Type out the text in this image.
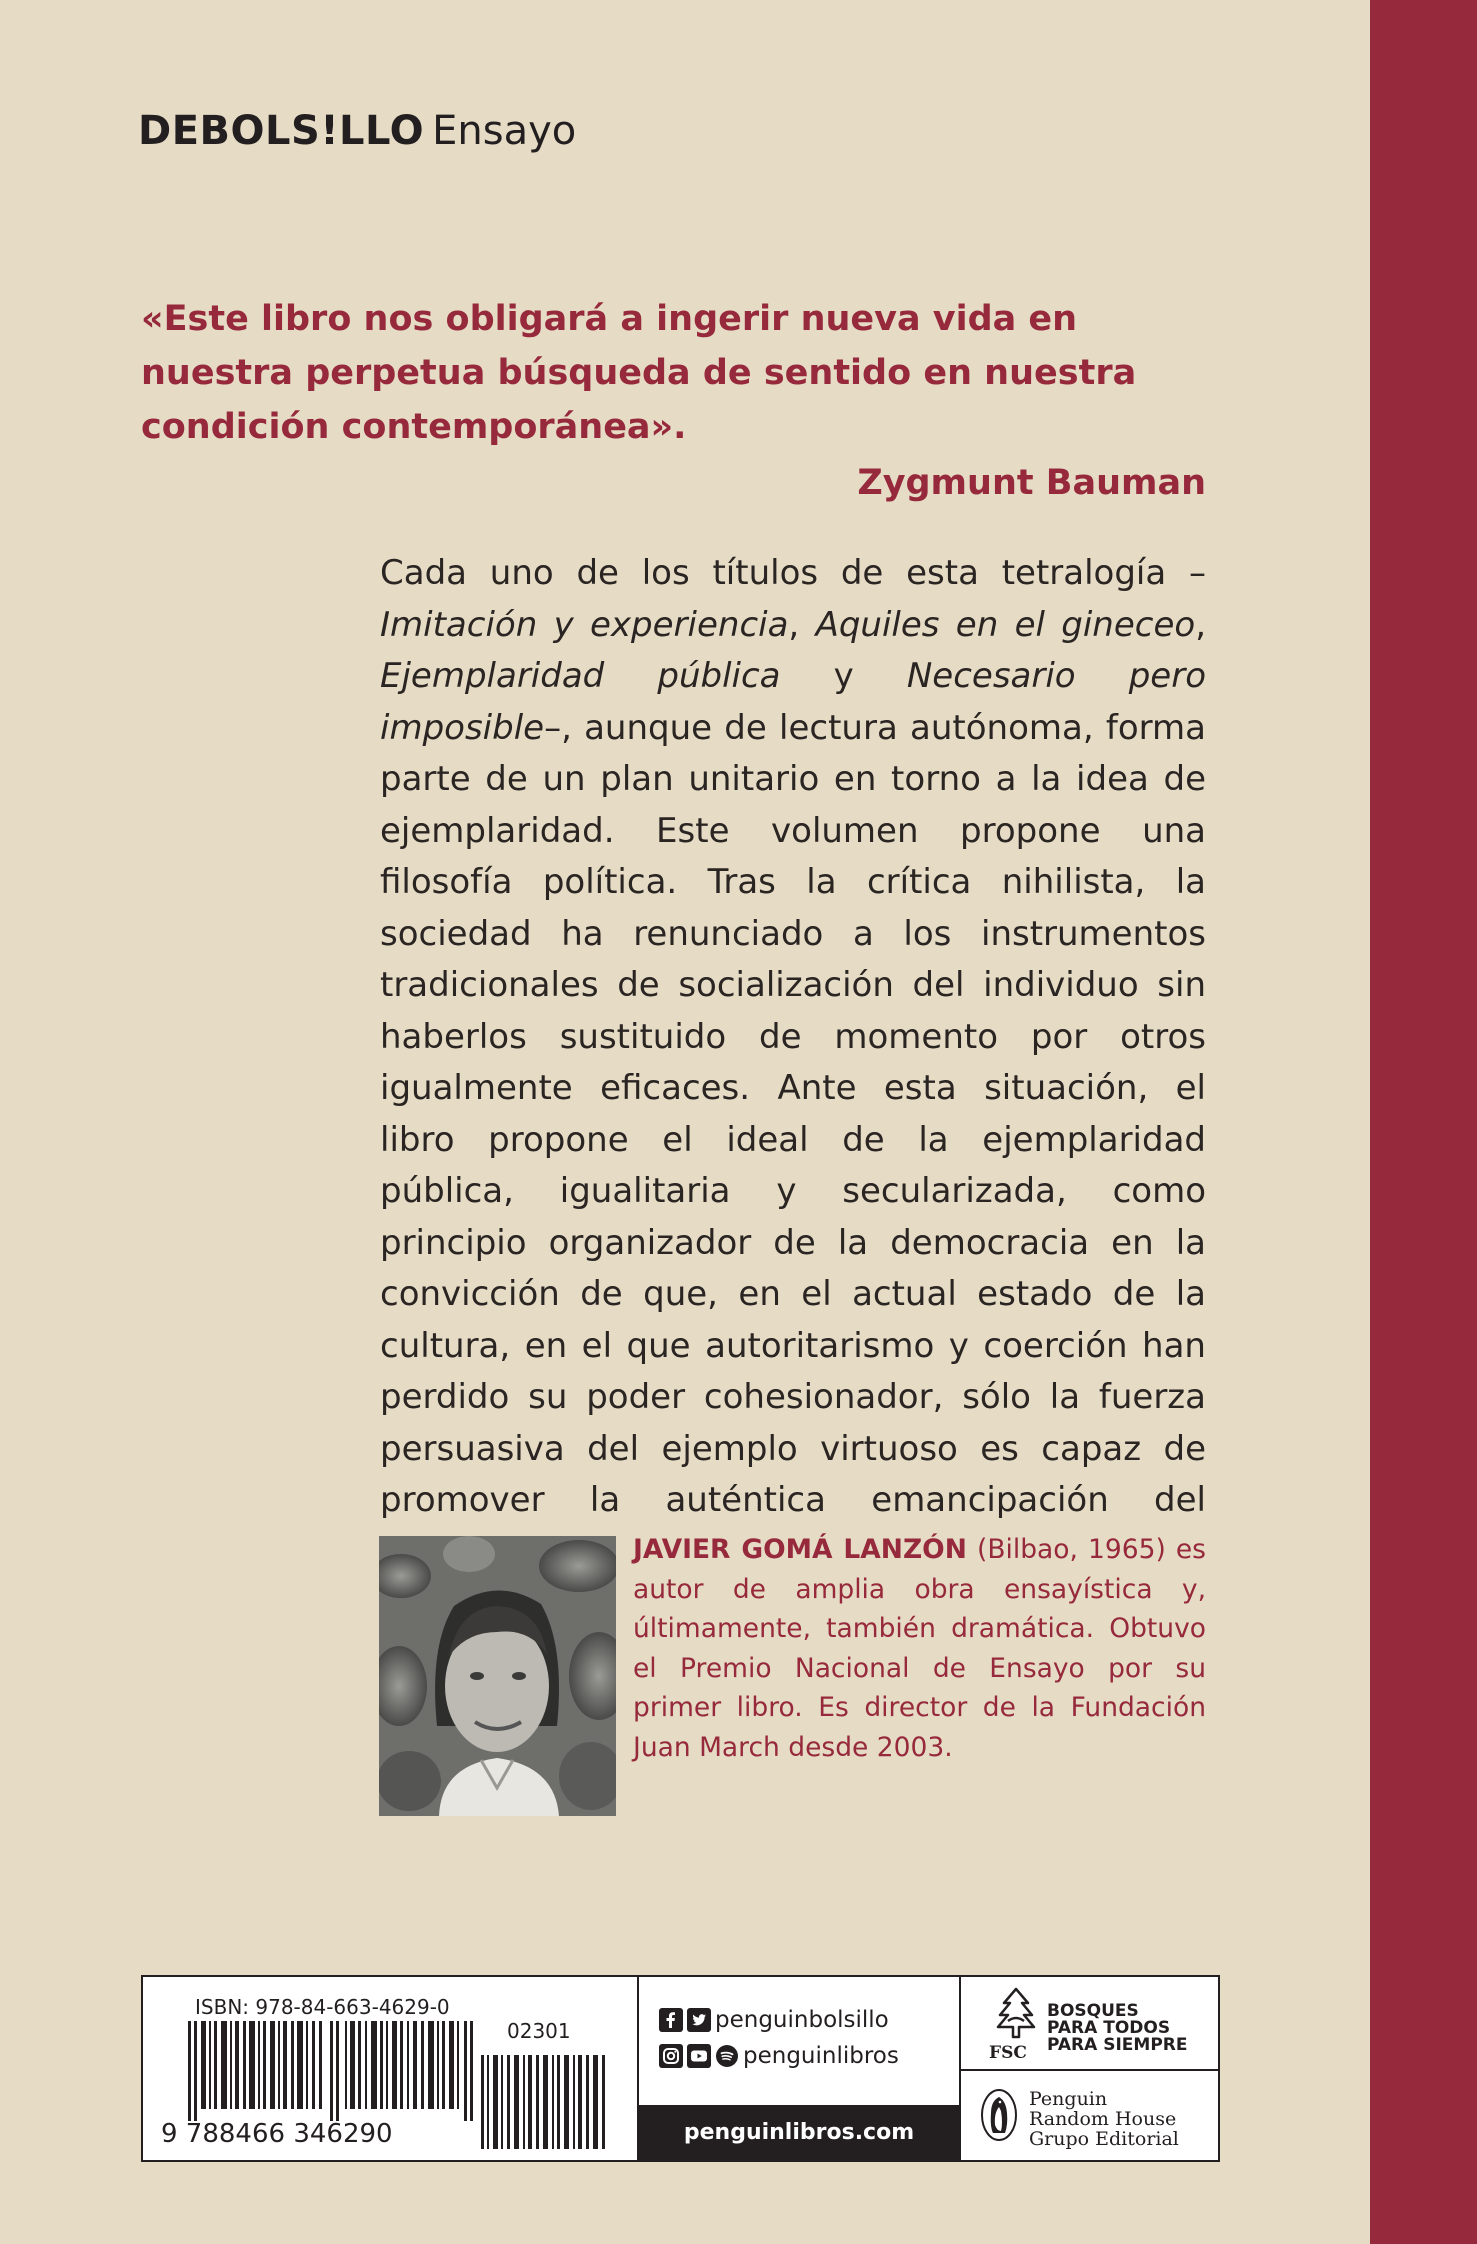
DEBOLS!LLO Ensayo
«Este libro nos obligará a ingerir nueva vida en nuestra perpetua búsqueda de sentido en nuestra condición contemporánea».
Zygmunt Bauman
Cada uno de los títulos de esta tetralogía –Imitación y experiencia, Aquiles en el gineceo, Ejemplaridad pública y Necesario pero imposible–, aunque de lectura autónoma, forma parte de un plan unitario en torno a la idea de ejemplaridad. Este volumen propone una filosofía política. Tras la crítica nihilista, la sociedad ha renunciado a los instrumentos tradicionales de socialización del individuo sin haberlos sustituido de momento por otros igualmente eficaces. Ante esta situación, el libro propone el ideal de la ejemplaridad pública, igualitaria y secularizada, como principio organizador de la democracia en la convicción de que, en el actual estado de la cultura, en el que autoritarismo y coerción han perdido su poder cohesionador, sólo la fuerza persuasiva del ejemplo virtuoso es capaz de promover la auténtica emancipación del
JAVIER GOMÁ LANZÓN (Bilbao, 1965) es autor de amplia obra ensayística y, últimamente, también dramática. Obtuvo el Premio Nacional de Ensayo por su primer libro. Es director de la Fundación Juan March desde 2003.
ISBN: 978-84-663-4629-0
02301
9 788466 346290
penguinbolsillo
penguinlibros
penguinlibros.com
BOSQUES
PARA TODOS
PARA SIEMPRE
FSC
Penguin
Random House
Grupo Editorial
